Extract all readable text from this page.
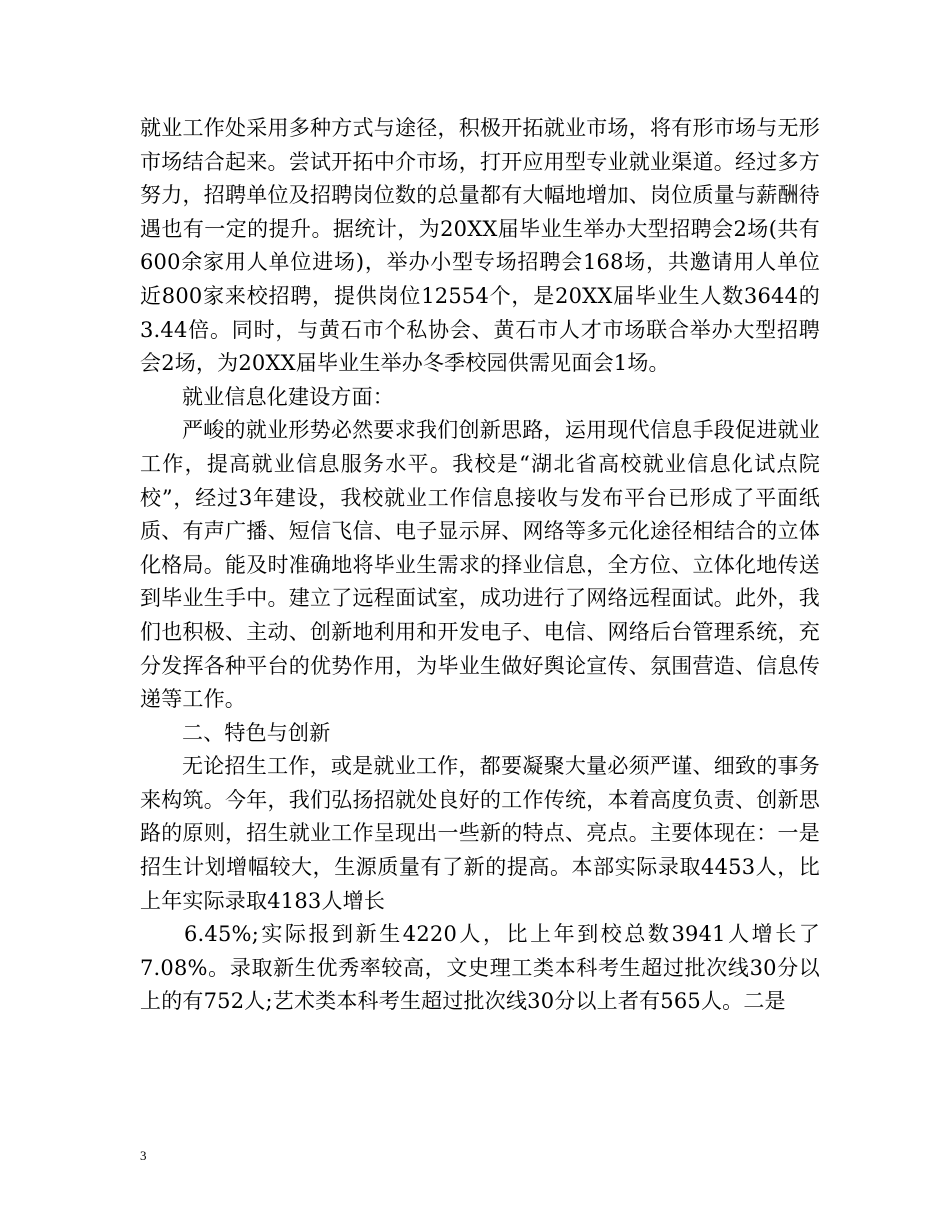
就业工作处采用多种方式与途径，积极开拓就业市场，将有形市场与无形市场结合起来。尝试开拓中介市场，打开应用型专业就业渠道。经过多方努力，招聘单位及招聘岗位数的总量都有大幅地增加、岗位质量与薪酬待遇也有一定的提升。据统计，为20XX届毕业生举办大型招聘会2场(共有600余家用人单位进场)，举办小型专场招聘会168场，共邀请用人单位近800家来校招聘，提供岗位12554个，是20XX届毕业生人数3644的3.44倍。同时，与黄石市个私协会、黄石市人才市场联合举办大型招聘会2场，为20XX届毕业生举办冬季校园供需见面会1场。

就业信息化建设方面：

严峻的就业形势必然要求我们创新思路，运用现代信息手段促进就业工作，提高就业信息服务水平。我校是“湖北省高校就业信息化试点院校”，经过3年建设，我校就业工作信息接收与发布平台已形成了平面纸质、有声广播、短信飞信、电子显示屏、网络等多元化途径相结合的立体化格局。能及时准确地将毕业生需求的择业信息，全方位、立体化地传送到毕业生手中。建立了远程面试室，成功进行了网络远程面试。此外，我们也积极、主动、创新地利用和开发电子、电信、网络后台管理系统，充分发挥各种平台的优势作用，为毕业生做好舆论宣传、氛围营造、信息传递等工作。

二、特色与创新

无论招生工作，或是就业工作，都要凝聚大量必须严谨、细致的事务来构筑。今年，我们弘扬招就处良好的工作传统，本着高度负责、创新思路的原则，招生就业工作呈现出一些新的特点、亮点。主要体现在：一是招生计划增幅较大，生源质量有了新的提高。本部实际录取4453人，比上年实际录取4183人增长

6.45%;实际报到新生4220人，比上年到校总数3941人增长了7.08%。录取新生优秀率较高，文史理工类本科考生超过批次线30分以上的有752人;艺术类本科考生超过批次线30分以上者有565人。二是

3
